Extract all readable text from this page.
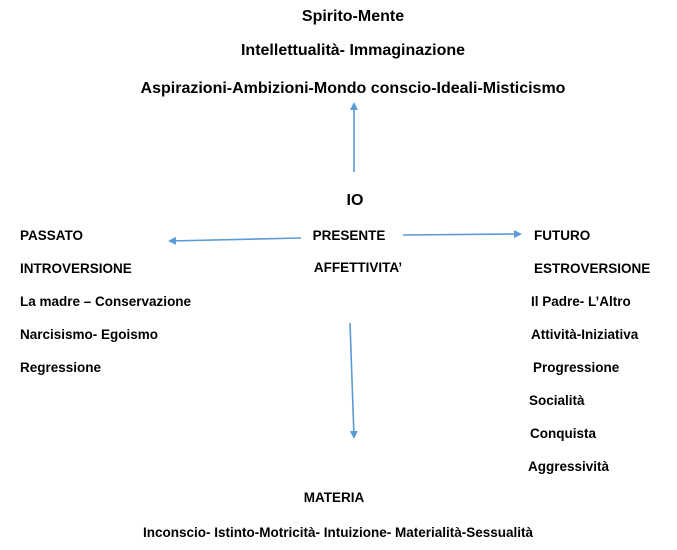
Spirito-Mente
Intellettualità- Immaginazione
Aspirazioni-Ambizioni-Mondo conscio-Ideali-Misticismo
IO
PRESENTE
AFFETTIVITA’
PASSATO
INTROVERSIONE
La madre – Conservazione
Narcisismo- Egoismo
Regressione
FUTURO
ESTROVERSIONE
Il Padre- L’Altro
Attività-Iniziativa
Progressione
Socialità
Conquista
Aggressività
MATERIA
Inconscio- Istinto-Motricità- Intuizione- Materialità-Sessualità
